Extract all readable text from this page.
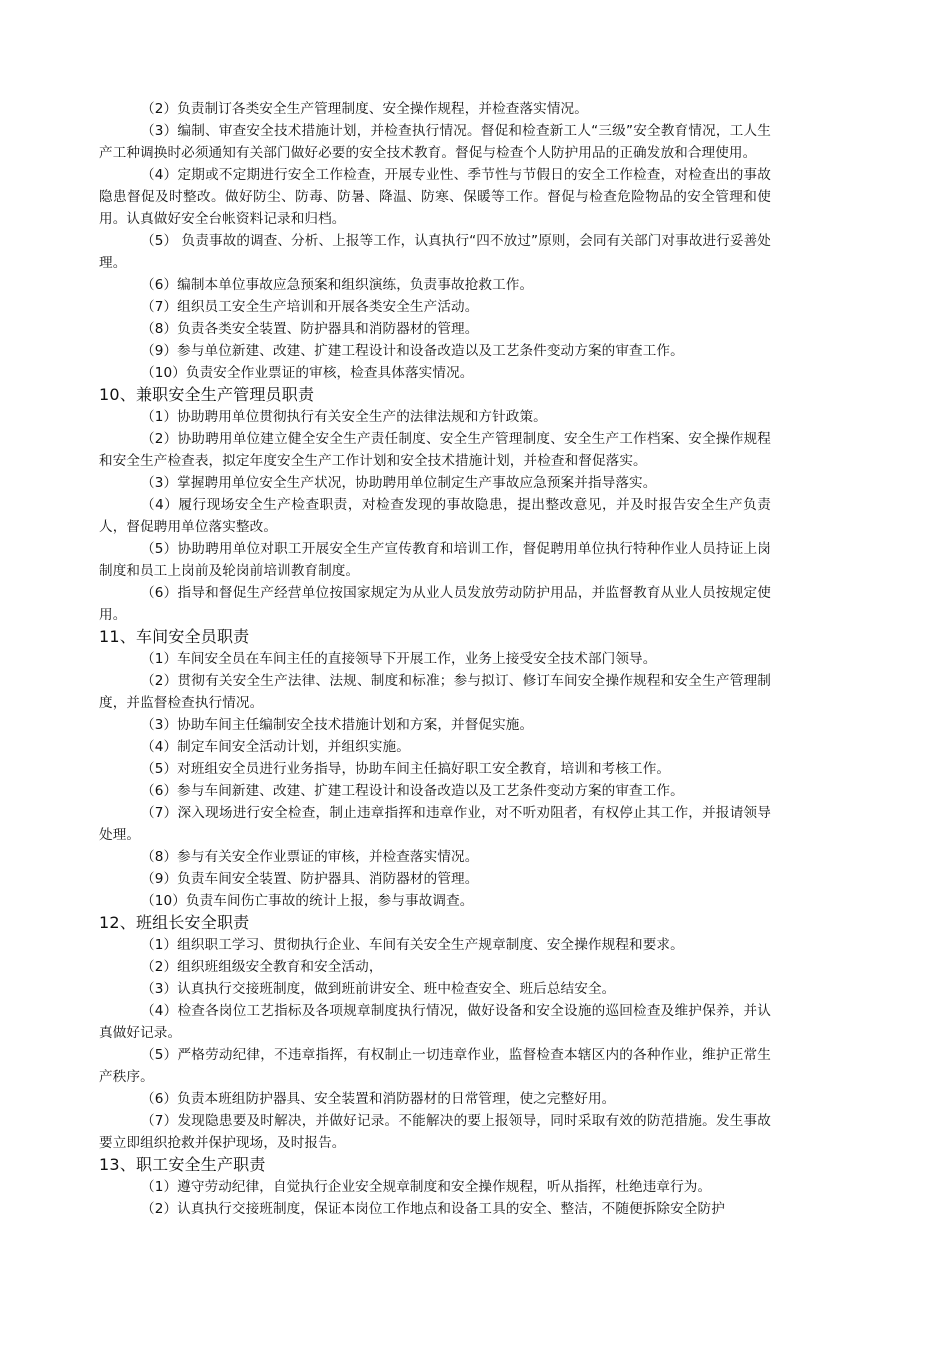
（2）负责制订各类安全生产管理制度、安全操作规程，并检查落实情况。

（3）编制、审查安全技术措施计划，并检查执行情况。督促和检查新工人“三级”安全教育情况，工人生产工种调换时必须通知有关部门做好必要的安全技术教育。督促与检查个人防护用品的正确发放和合理使用。

（4）定期或不定期进行安全工作检查，开展专业性、季节性与节假日的安全工作检查，对检查出的事故隐患督促及时整改。做好防尘、防毒、防暑、降温、防寒、保暖等工作。督促与检查危险物品的安全管理和使用。认真做好安全台帐资料记录和归档。

（5） 负责事故的调查、分析、上报等工作，认真执行“四不放过”原则，会同有关部门对事故进行妥善处理。

（6）编制本单位事故应急预案和组织演练，负责事故抢救工作。

（7）组织员工安全生产培训和开展各类安全生产活动。

（8）负责各类安全装置、防护器具和消防器材的管理。

（9）参与单位新建、改建、扩建工程设计和设备改造以及工艺条件变动方案的审查工作。

（10）负责安全作业票证的审核，检查具体落实情况。

10、兼职安全生产管理员职责

（1）协助聘用单位贯彻执行有关安全生产的法律法规和方针政策。

（2）协助聘用单位建立健全安全生产责任制度、安全生产管理制度、安全生产工作档案、安全操作规程和安全生产检查表，拟定年度安全生产工作计划和安全技术措施计划，并检查和督促落实。

（3）掌握聘用单位安全生产状况，协助聘用单位制定生产事故应急预案并指导落实。

（4）履行现场安全生产检查职责，对检查发现的事故隐患，提出整改意见，并及时报告安全生产负责人，督促聘用单位落实整改。

（5）协助聘用单位对职工开展安全生产宣传教育和培训工作，督促聘用单位执行特种作业人员持证上岗制度和员工上岗前及轮岗前培训教育制度。

（6）指导和督促生产经营单位按国家规定为从业人员发放劳动防护用品，并监督教育从业人员按规定使用。

11、车间安全员职责

（1）车间安全员在车间主任的直接领导下开展工作，业务上接受安全技术部门领导。

（2）贯彻有关安全生产法律、法规、制度和标准；参与拟订、修订车间安全操作规程和安全生产管理制度，并监督检查执行情况。

（3）协助车间主任编制安全技术措施计划和方案，并督促实施。

（4）制定车间安全活动计划，并组织实施。

（5）对班组安全员进行业务指导，协助车间主任搞好职工安全教育，培训和考核工作。

（6）参与车间新建、改建、扩建工程设计和设备改造以及工艺条件变动方案的审查工作。

（7）深入现场进行安全检查，制止违章指挥和违章作业，对不听劝阻者，有权停止其工作，并报请领导处理。

（8）参与有关安全作业票证的审核，并检查落实情况。

（9）负责车间安全装置、防护器具、消防器材的管理。

（10）负责车间伤亡事故的统计上报，参与事故调查。

12、班组长安全职责

（1）组织职工学习、贯彻执行企业、车间有关安全生产规章制度、安全操作规程和要求。

（2）组织班组级安全教育和安全活动，

（3）认真执行交接班制度，做到班前讲安全、班中检查安全、班后总结安全。

（4）检查各岗位工艺指标及各项规章制度执行情况，做好设备和安全设施的巡回检查及维护保养，并认真做好记录。

（5）严格劳动纪律，不违章指挥，有权制止一切违章作业，监督检查本辖区内的各种作业，维护正常生产秩序。

（6）负责本班组防护器具、安全装置和消防器材的日常管理，使之完整好用。

（7）发现隐患要及时解决，并做好记录。不能解决的要上报领导，同时采取有效的防范措施。发生事故要立即组织抢救并保护现场，及时报告。

13、职工安全生产职责

（1）遵守劳动纪律，自觉执行企业安全规章制度和安全操作规程，听从指挥，杜绝违章行为。

（2）认真执行交接班制度，保证本岗位工作地点和设备工具的安全、整洁，不随便拆除安全防护
